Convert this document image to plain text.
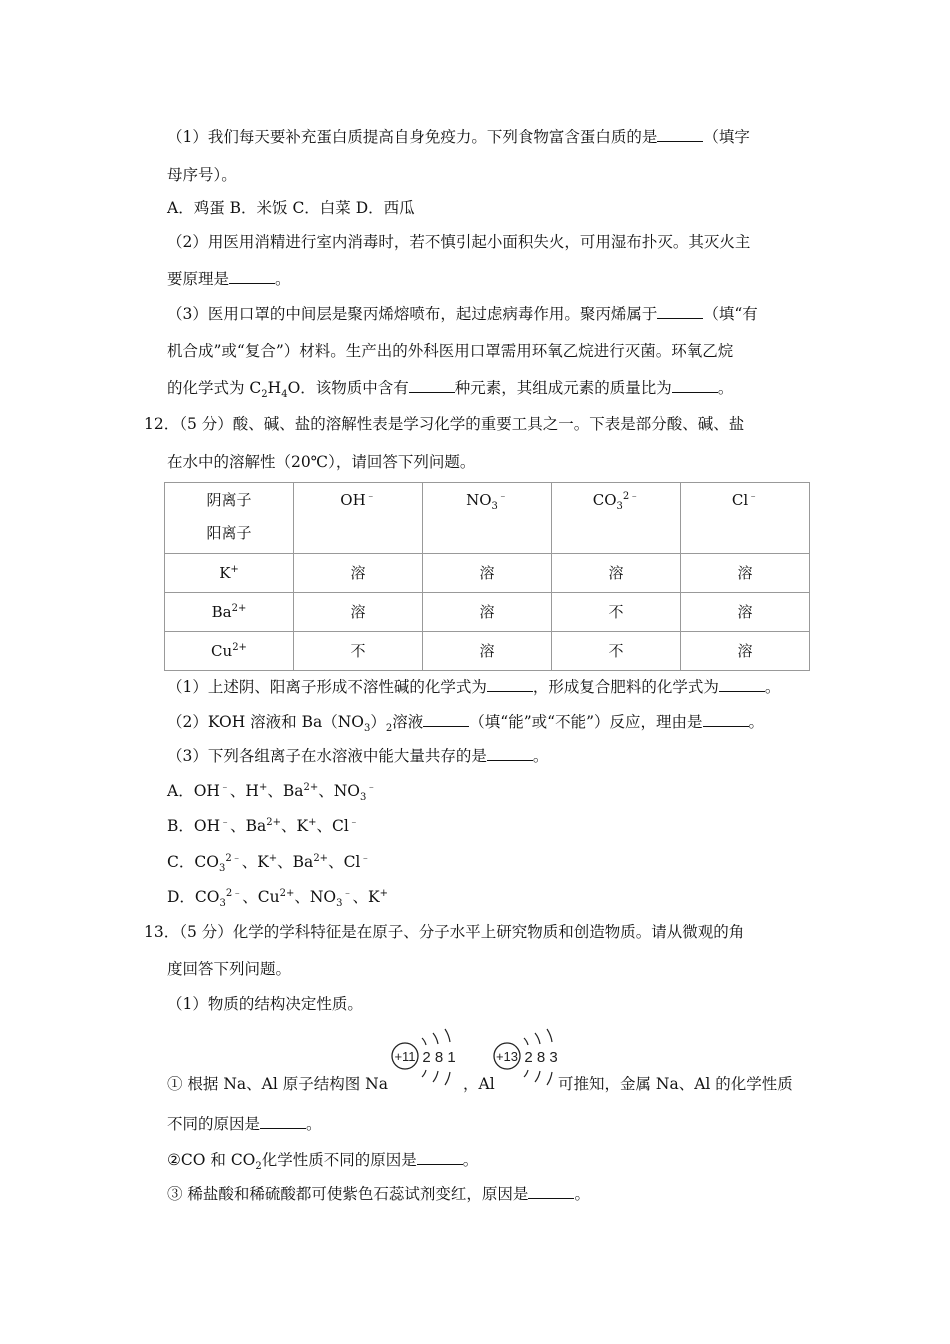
（1）我们每天要补充蛋白质提高自身免疫力。下列食物富含蛋白质的是	（填字
母序号）。
A．鸡蛋 B．米饭 C．白菜 D．西瓜
（2）用医用消精进行室内消毒时，若不慎引起小面积失火，可用湿布扑灭。其灭火主
要原理是	。
（3）医用口罩的中间层是聚丙烯熔喷布，起过虑病毒作用。聚丙烯属于	（填“有
机合成”或“复合”）材料。生产出的外科医用口罩需用环氧乙烷进行灭菌。环氧乙烷
的化学式为 $C_2H_4O$．该物质中含有	种元素，其组成元素的质量比为	。
12．（5 分）酸、碱、盐的溶解性表是学习化学的重要工具之一。下表是部分酸、碱、盐
在水中的溶解性（20℃），请回答下列问题。
阴离子
阳离子	OH﹣	$NO_3^﹣$	$CO_3^{2﹣}$	Cl﹣
K+	溶	溶	溶	溶
$Ba^{2+}$	溶	溶	不	溶
$Cu^{2+}$	不	溶	不	溶
（1）上述阴、阳离子形成不溶性碱的化学式为	，形成复合肥料的化学式为	。
（2）KOH 溶液和 $Ba(NO_3)_2$溶液	（填“能”或“不能”）反应，理由是	。
（3）下列各组离子在水溶液中能大量共存的是	。
A．OH﹣、H+、$Ba^{2+}$、$NO_3^﹣$
B．OH﹣、$Ba^{2+}$、K+、Cl﹣
C．$CO_3^{2﹣}$、K+、$Ba^{2+}$、Cl﹣
D．$CO_3^{2﹣}$、$Cu^{2+}$、$NO_3^﹣$、K+
13．（5 分）化学的学科特征是在原子、分子水平上研究物质和创造物质。请从微观的角
度回答下列问题。
（1）物质的结构决定性质。
+11 2 8 1	+13 2 8 3
① 根据 Na、Al 原子结构图 Na	，Al	可推知，金属 Na、Al 的化学性质
不同的原因是	。
②CO 和 $CO_2$化学性质不同的原因是	。
③ 稀盐酸和稀硫酸都可使紫色石蕊试剂变红，原因是	。
